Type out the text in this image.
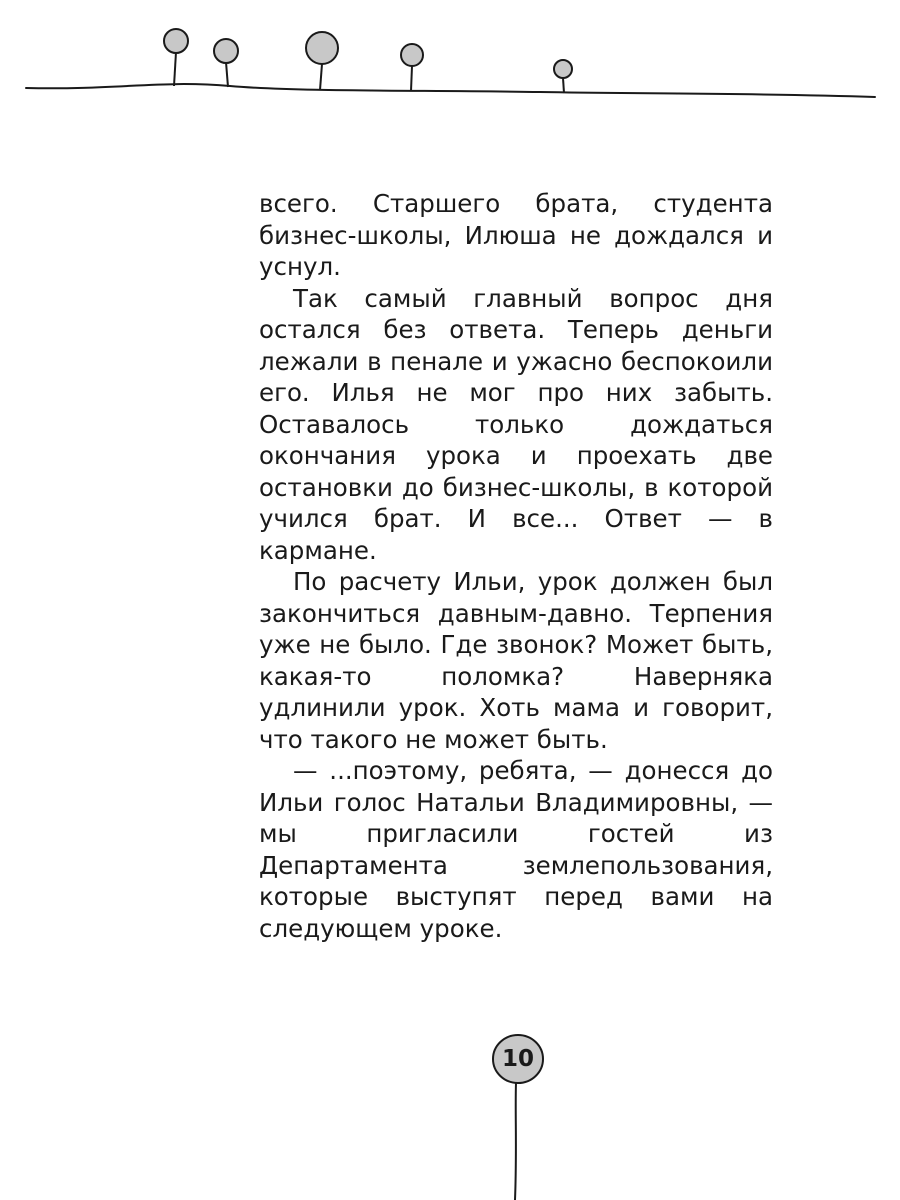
всего. Старшего брата, студента бизнес-школы, Илюша не дождался и уснул.

Так самый главный вопрос дня остался без ответа. Теперь деньги лежали в пенале и ужасно беспокоили его. Илья не мог про них забыть. Оставалось только дождаться окончания урока и проехать две остановки до бизнес-школы, в которой учился брат. И все... Ответ — в кармане.

По расчету Ильи, урок должен был закончиться давным-давно. Терпения уже не было. Где звонок? Может быть, какая-то поломка? Наверняка удлинили урок. Хоть мама и говорит, что такого не может быть.

— ...поэтому, ребята, — донесся до Ильи голос Натальи Владимировны, — мы пригласили гостей из Департамента землепользования, которые выступят перед вами на следующем уроке.

10
